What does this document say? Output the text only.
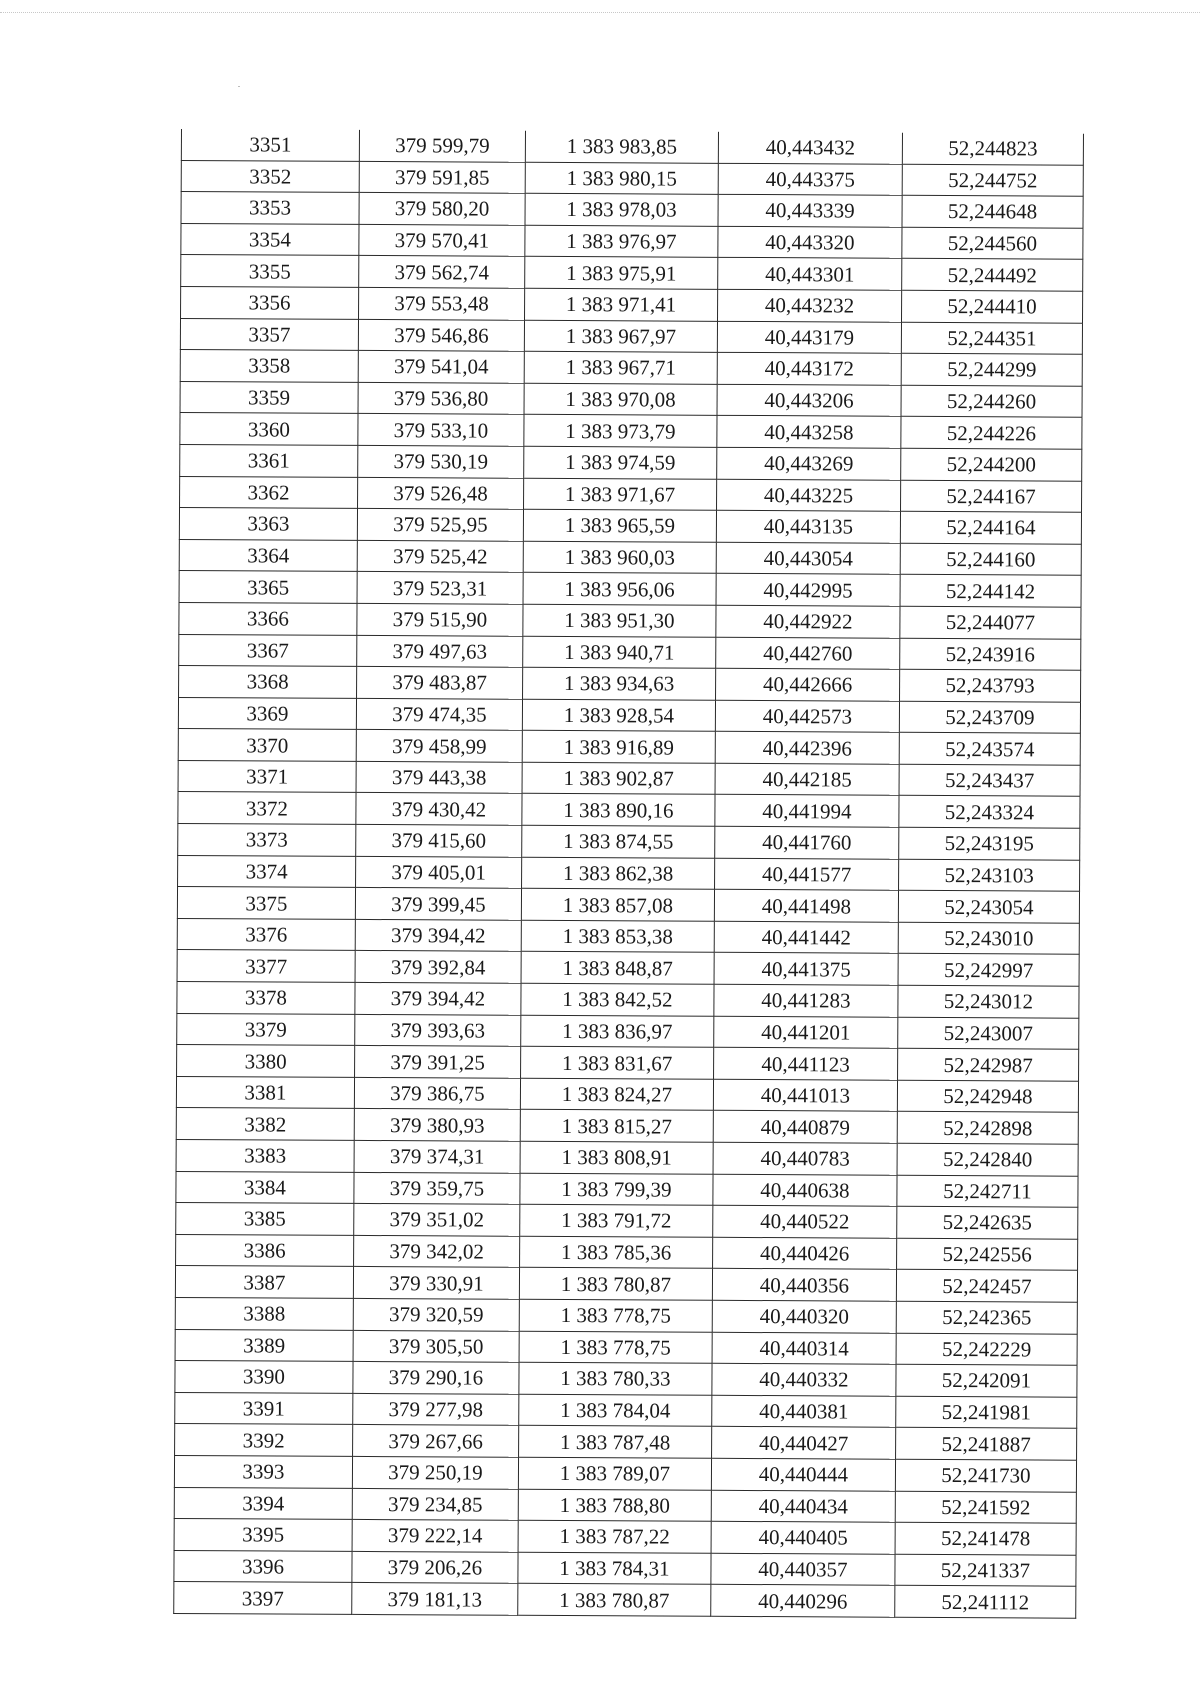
3351	379 599,79	1 383 983,85	40,443432	52,244823
3352	379 591,85	1 383 980,15	40,443375	52,244752
3353	379 580,20	1 383 978,03	40,443339	52,244648
3354	379 570,41	1 383 976,97	40,443320	52,244560
3355	379 562,74	1 383 975,91	40,443301	52,244492
3356	379 553,48	1 383 971,41	40,443232	52,244410
3357	379 546,86	1 383 967,97	40,443179	52,244351
3358	379 541,04	1 383 967,71	40,443172	52,244299
3359	379 536,80	1 383 970,08	40,443206	52,244260
3360	379 533,10	1 383 973,79	40,443258	52,244226
3361	379 530,19	1 383 974,59	40,443269	52,244200
3362	379 526,48	1 383 971,67	40,443225	52,244167
3363	379 525,95	1 383 965,59	40,443135	52,244164
3364	379 525,42	1 383 960,03	40,443054	52,244160
3365	379 523,31	1 383 956,06	40,442995	52,244142
3366	379 515,90	1 383 951,30	40,442922	52,244077
3367	379 497,63	1 383 940,71	40,442760	52,243916
3368	379 483,87	1 383 934,63	40,442666	52,243793
3369	379 474,35	1 383 928,54	40,442573	52,243709
3370	379 458,99	1 383 916,89	40,442396	52,243574
3371	379 443,38	1 383 902,87	40,442185	52,243437
3372	379 430,42	1 383 890,16	40,441994	52,243324
3373	379 415,60	1 383 874,55	40,441760	52,243195
3374	379 405,01	1 383 862,38	40,441577	52,243103
3375	379 399,45	1 383 857,08	40,441498	52,243054
3376	379 394,42	1 383 853,38	40,441442	52,243010
3377	379 392,84	1 383 848,87	40,441375	52,242997
3378	379 394,42	1 383 842,52	40,441283	52,243012
3379	379 393,63	1 383 836,97	40,441201	52,243007
3380	379 391,25	1 383 831,67	40,441123	52,242987
3381	379 386,75	1 383 824,27	40,441013	52,242948
3382	379 380,93	1 383 815,27	40,440879	52,242898
3383	379 374,31	1 383 808,91	40,440783	52,242840
3384	379 359,75	1 383 799,39	40,440638	52,242711
3385	379 351,02	1 383 791,72	40,440522	52,242635
3386	379 342,02	1 383 785,36	40,440426	52,242556
3387	379 330,91	1 383 780,87	40,440356	52,242457
3388	379 320,59	1 383 778,75	40,440320	52,242365
3389	379 305,50	1 383 778,75	40,440314	52,242229
3390	379 290,16	1 383 780,33	40,440332	52,242091
3391	379 277,98	1 383 784,04	40,440381	52,241981
3392	379 267,66	1 383 787,48	40,440427	52,241887
3393	379 250,19	1 383 789,07	40,440444	52,241730
3394	379 234,85	1 383 788,80	40,440434	52,241592
3395	379 222,14	1 383 787,22	40,440405	52,241478
3396	379 206,26	1 383 784,31	40,440357	52,241337
3397	379 181,13	1 383 780,87	40,440296	52,241112
